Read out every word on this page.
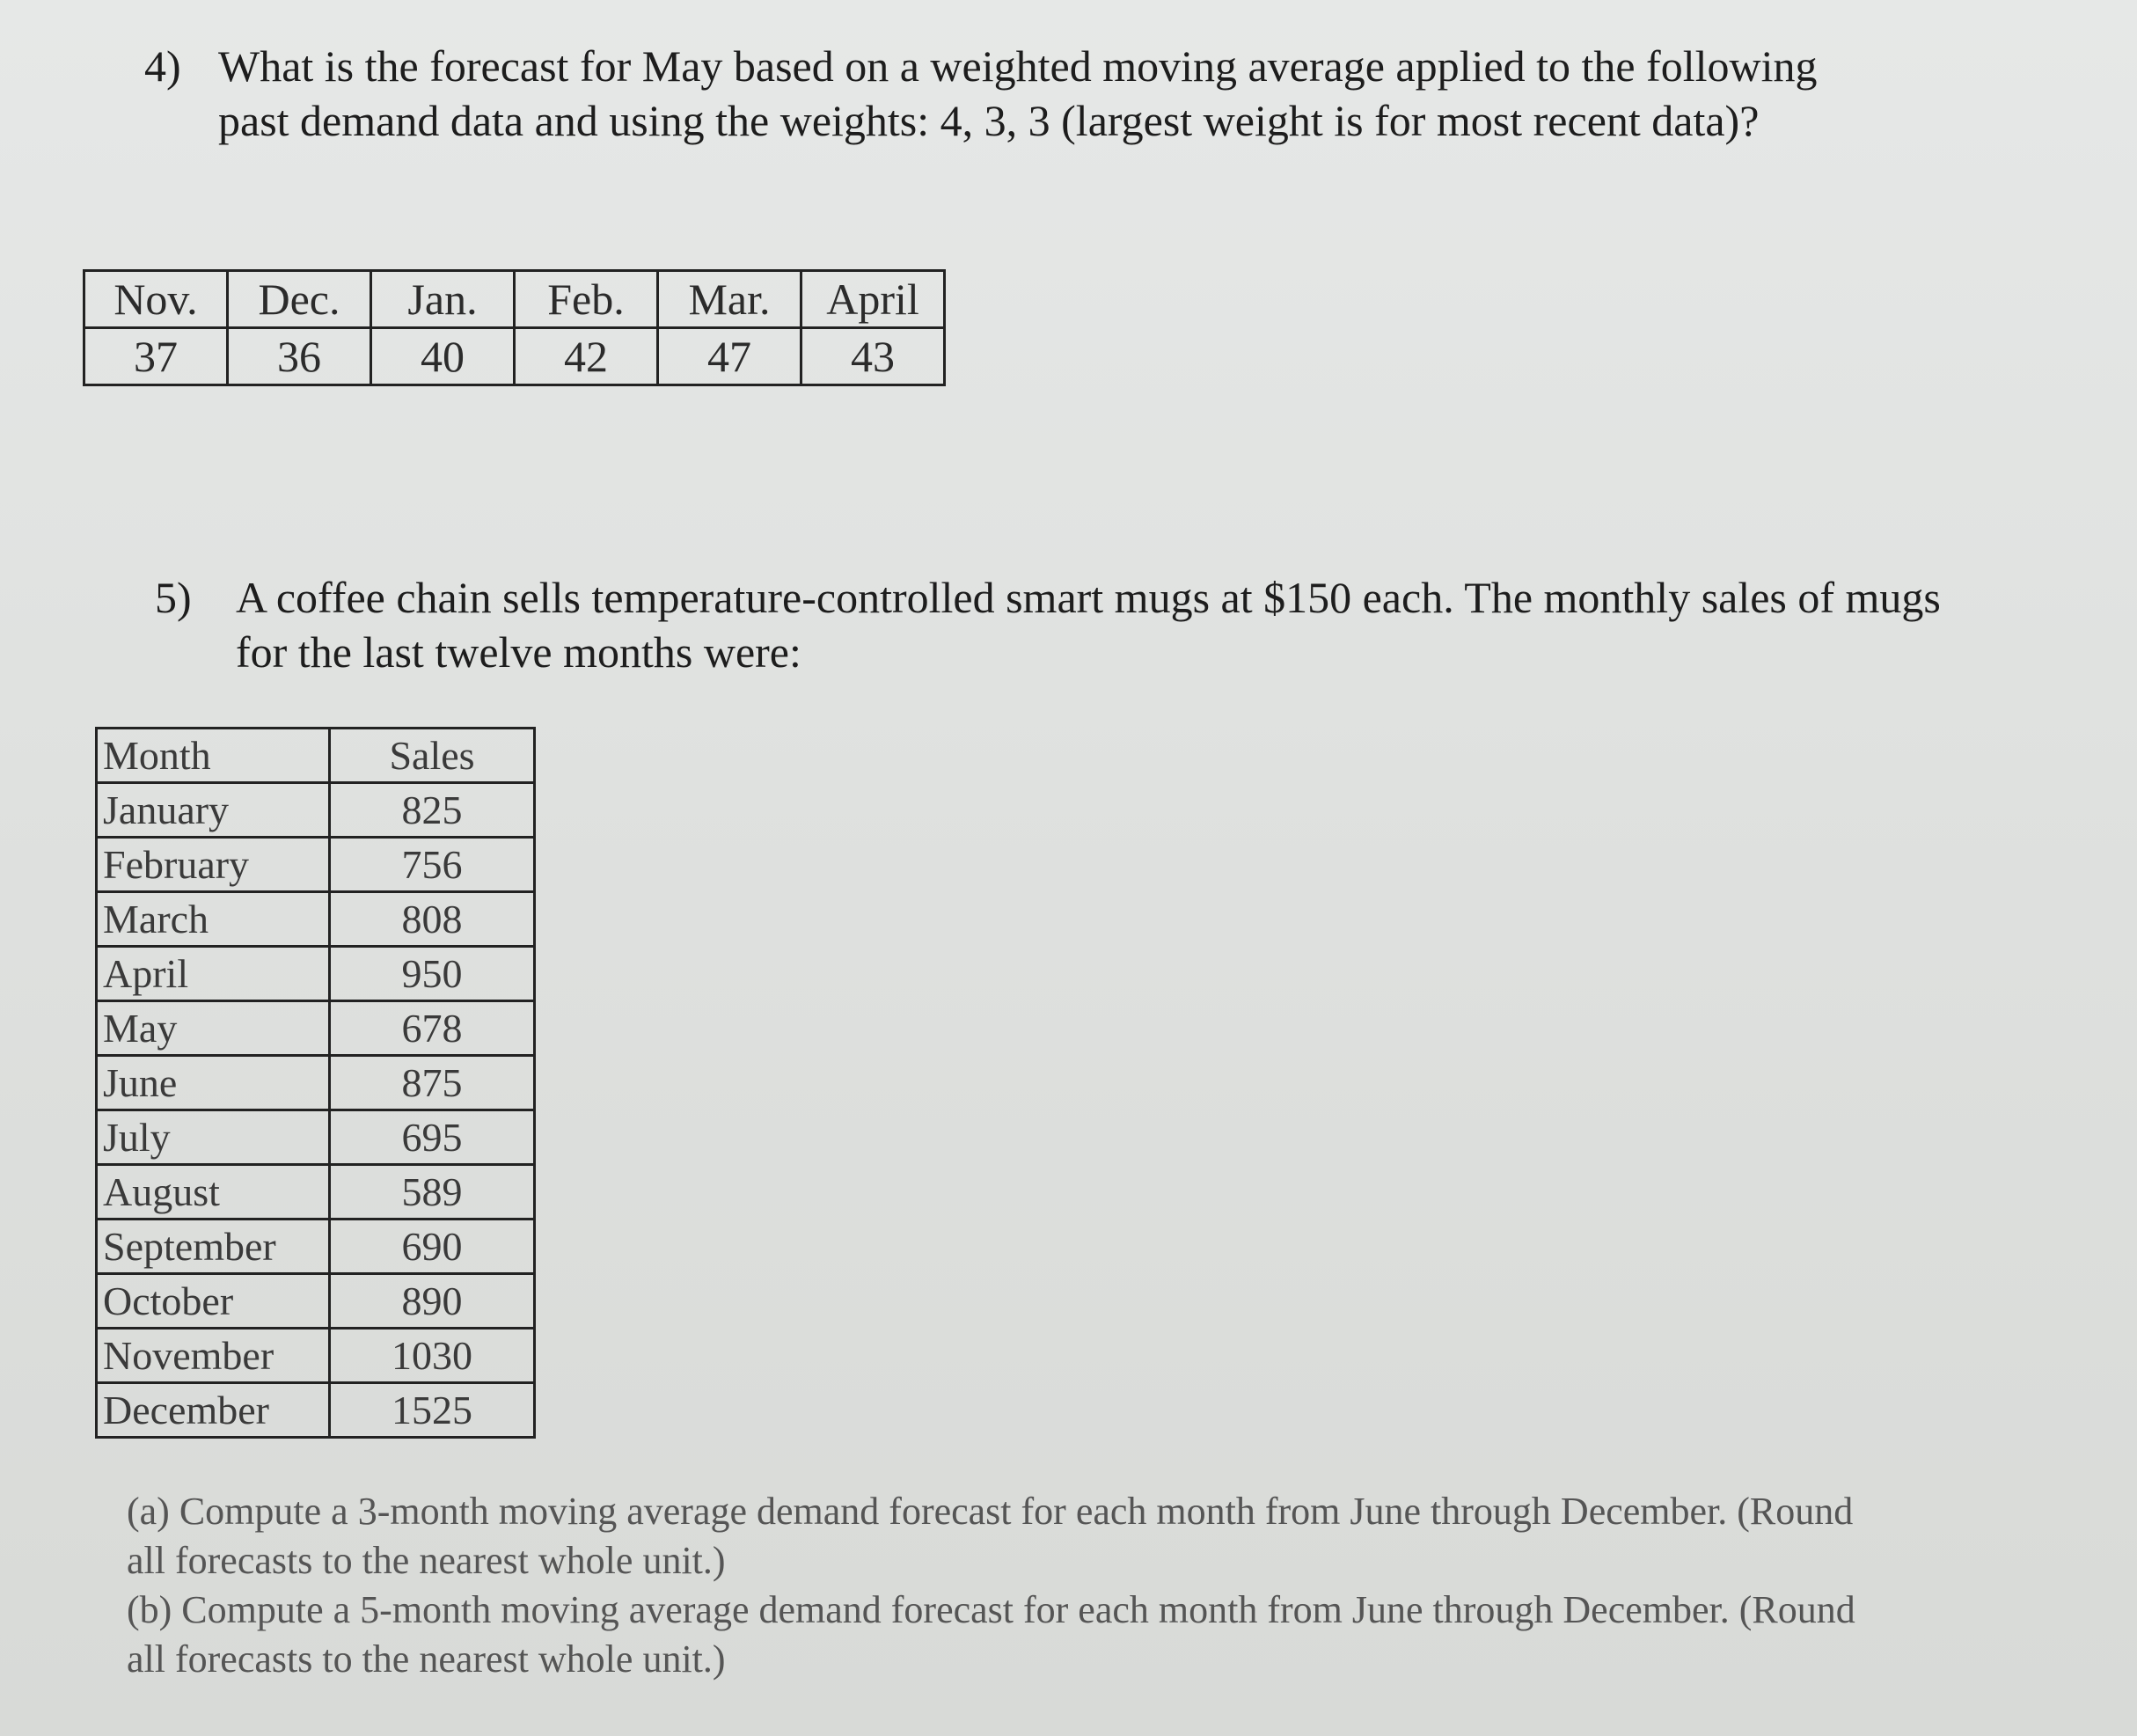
4) What is the forecast for May based on a weighted moving average applied to the following past demand data and using the weights: 4, 3, 3 (largest weight is for most recent data)?
Nov.	Dec.	Jan.	Feb.	Mar.	April
37	36	40	42	47	43
5) A coffee chain sells temperature-controlled smart mugs at $150 each. The monthly sales of mugs for the last twelve months were:
Month	Sales
January	825
February	756
March	808
April	950
May	678
June	875
July	695
August	589
September	690
October	890
November	1030
December	1525
(a) Compute a 3-month moving average demand forecast for each month from June through December. (Round all forecasts to the nearest whole unit.)
(b) Compute a 5-month moving average demand forecast for each month from June through December. (Round all forecasts to the nearest whole unit.)
